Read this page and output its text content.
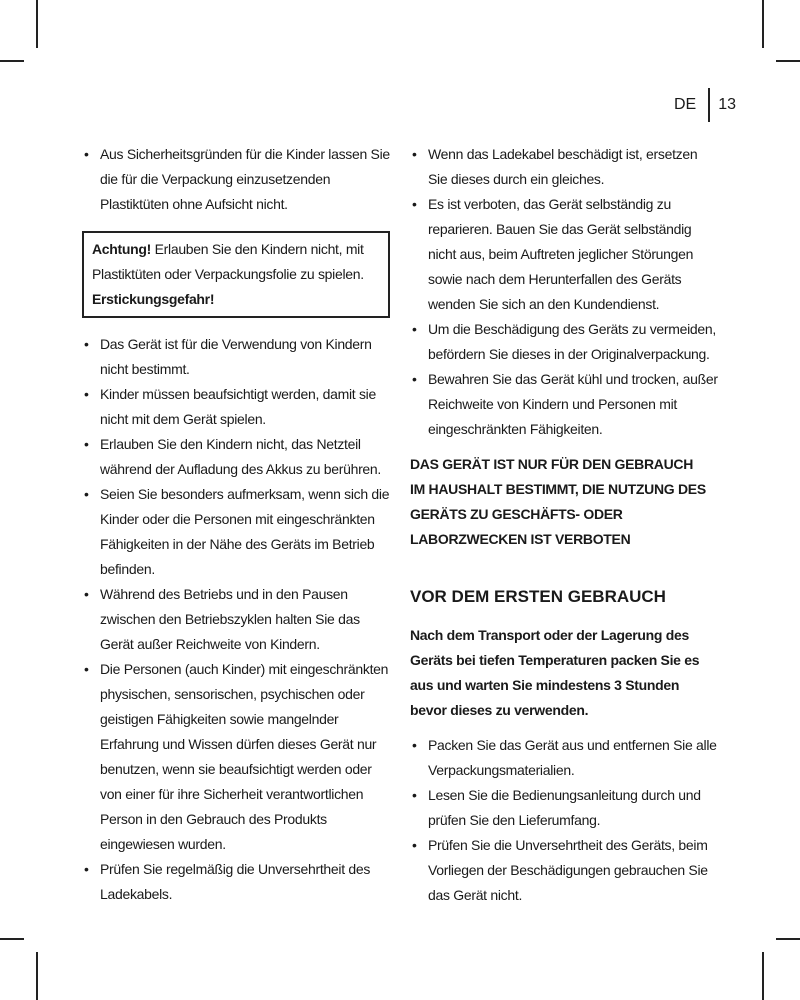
DE 13
• Aus Sicherheitsgründen für die Kinder lassen Sie die für die Verpackung einzusetzenden Plastiktüten ohne Aufsicht nicht.
Achtung! Erlauben Sie den Kindern nicht, mit Plastiktüten oder Verpackungsfolie zu spielen.
Erstickungsgefahr!
• Das Gerät ist für die Verwendung von Kindern nicht bestimmt.
• Kinder müssen beaufsichtigt werden, damit sie nicht mit dem Gerät spielen.
• Erlauben Sie den Kindern nicht, das Netzteil während der Aufladung des Akkus zu berühren.
• Seien Sie besonders aufmerksam, wenn sich die Kinder oder die Personen mit eingeschränkten Fähigkeiten in der Nähe des Geräts im Betrieb befinden.
• Während des Betriebs und in den Pausen zwischen den Betriebszyklen halten Sie das Gerät außer Reichweite von Kindern.
• Die Personen (auch Kinder) mit eingeschränkten physischen, sensorischen, psychischen oder geistigen Fähigkeiten sowie mangelnder Erfahrung und Wissen dürfen dieses Gerät nur benutzen, wenn sie beaufsichtigt werden oder von einer für ihre Sicherheit verantwortlichen Person in den Gebrauch des Produkts eingewiesen wurden.
• Prüfen Sie regelmäßig die Unversehrtheit des Ladekabels.
• Wenn das Ladekabel beschädigt ist, ersetzen Sie dieses durch ein gleiches.
• Es ist verboten, das Gerät selbständig zu reparieren. Bauen Sie das Gerät selbständig nicht aus, beim Auftreten jeglicher Störungen sowie nach dem Herunterfallen des Geräts wenden Sie sich an den Kundendienst.
• Um die Beschädigung des Geräts zu vermeiden, befördern Sie dieses in der Originalverpackung.
• Bewahren Sie das Gerät kühl und trocken, außer Reichweite von Kindern und Personen mit eingeschränkten Fähigkeiten.

DAS GERÄT IST NUR FÜR DEN GEBRAUCH IM HAUSHALT BESTIMMT, DIE NUTZUNG DES GERÄTS ZU GESCHÄFTS- ODER LABORZWECKEN IST VERBOTEN

VOR DEM ERSTEN GEBRAUCH

Nach dem Transport oder der Lagerung des Geräts bei tiefen Temperaturen packen Sie es aus und warten Sie mindestens 3 Stunden bevor dieses zu verwenden.

• Packen Sie das Gerät aus und entfernen Sie alle Verpackungsmaterialien.
• Lesen Sie die Bedienungsanleitung durch und prüfen Sie den Lieferumfang.
• Prüfen Sie die Unversehrtheit des Geräts, beim Vorliegen der Beschädigungen gebrauchen Sie das Gerät nicht.
